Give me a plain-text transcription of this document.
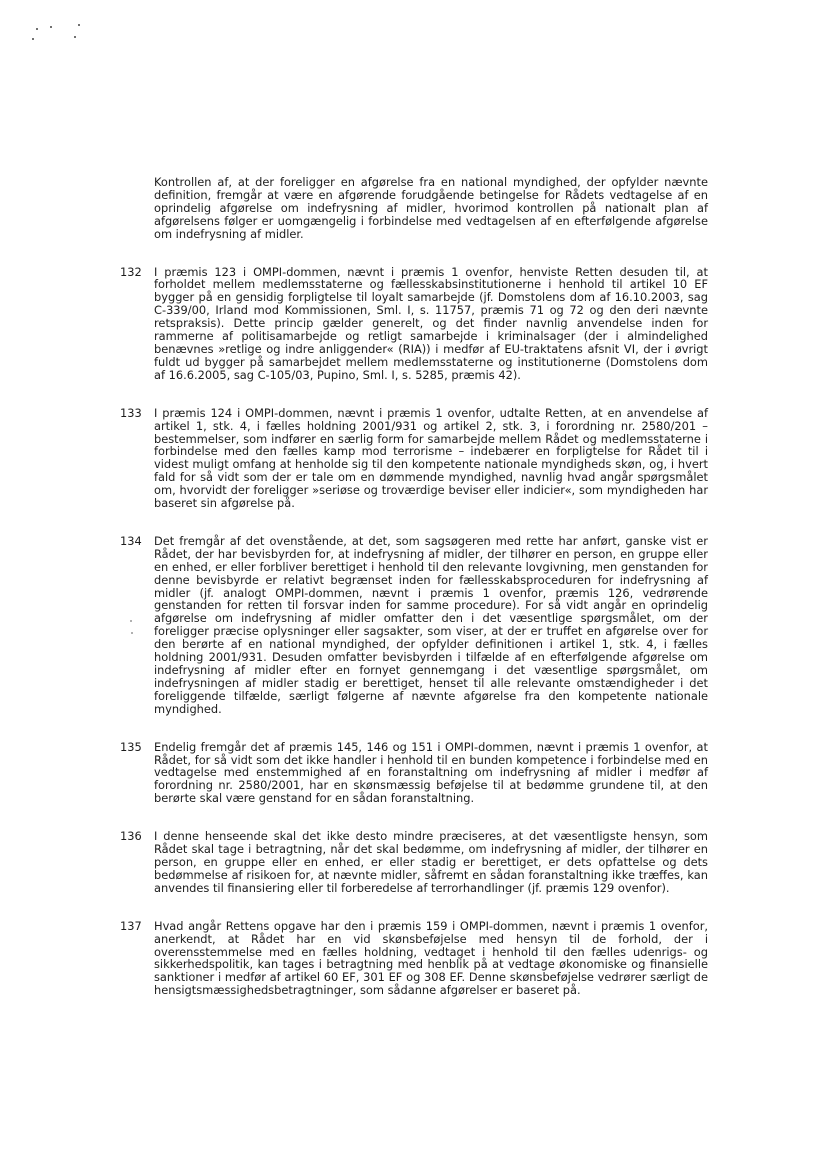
Kontrollen af, at der foreligger en afgørelse fra en national myndighed, der opfylder nævnte definition, fremgår at være en afgørende forudgående betingelse for Rådets vedtagelse af en oprindelig afgørelse om indefrysning af midler, hvorimod kontrollen på nationalt plan af afgørelsens følger er uomgængelig i forbindelse med vedtagelsen af en efterfølgende afgørelse om indefrysning af midler.
132	I præmis 123 i OMPI-dommen, nævnt i præmis 1 ovenfor, henviste Retten desuden til, at forholdet mellem medlemsstaterne og fællesskabsinstitutionerne i henhold til artikel 10 EF bygger på en gensidig forpligtelse til loyalt samarbejde (jf. Domstolens dom af 16.10.2003, sag C-339/00, Irland mod Kommissionen, Sml. I, s. 11757, præmis 71 og 72 og den deri nævnte retspraksis). Dette princip gælder generelt, og det finder navnlig anvendelse inden for rammerne af politisamarbejde og retligt samarbejde i kriminalsager (der i almindelighed benævnes »retlige og indre anliggender« (RIA)) i medfør af EU-traktatens afsnit VI, der i øvrigt fuldt ud bygger på samarbejdet mellem medlemsstaterne og institutionerne (Domstolens dom af 16.6.2005, sag C-105/03, Pupino, Sml. I, s. 5285, præmis 42).
133	I præmis 124 i OMPI-dommen, nævnt i præmis 1 ovenfor, udtalte Retten, at en anvendelse af artikel 1, stk. 4, i fælles holdning 2001/931 og artikel 2, stk. 3, i forordning nr. 2580/201 – bestemmelser, som indfører en særlig form for samarbejde mellem Rådet og medlemsstaterne i forbindelse med den fælles kamp mod terrorisme – indebærer en forpligtelse for Rådet til i videst muligt omfang at henholde sig til den kompetente nationale myndigheds skøn, og, i hvert fald for så vidt som der er tale om en dømmende myndighed, navnlig hvad angår spørgsmålet om, hvorvidt der foreligger »seriøse og troværdige beviser eller indicier«, som myndigheden har baseret sin afgørelse på.
134	Det fremgår af det ovenstående, at det, som sagsøgeren med rette har anført, ganske vist er Rådet, der har bevisbyrden for, at indefrysning af midler, der tilhører en person, en gruppe eller en enhed, er eller forbliver berettiget i henhold til den relevante lovgivning, men genstanden for denne bevisbyrde er relativt begrænset inden for fællesskabsproceduren for indefrysning af midler (jf. analogt OMPI-dommen, nævnt i præmis 1 ovenfor, præmis 126, vedrørende genstanden for retten til forsvar inden for samme procedure). For så vidt angår en oprindelig afgørelse om indefrysning af midler omfatter den i det væsentlige spørgsmålet, om der foreligger præcise oplysninger eller sagsakter, som viser, at der er truffet en afgørelse over for den berørte af en national myndighed, der opfylder definitionen i artikel 1, stk. 4, i fælles holdning 2001/931. Desuden omfatter bevisbyrden i tilfælde af en efterfølgende afgørelse om indefrysning af midler efter en fornyet gennemgang i det væsentlige spørgsmålet, om indefrysningen af midler stadig er berettiget, henset til alle relevante omstændigheder i det foreliggende tilfælde, særligt følgerne af nævnte afgørelse fra den kompetente nationale myndighed.
135	Endelig fremgår det af præmis 145, 146 og 151 i OMPI-dommen, nævnt i præmis 1 ovenfor, at Rådet, for så vidt som det ikke handler i henhold til en bunden kompetence i forbindelse med en vedtagelse med enstemmighed af en foranstaltning om indefrysning af midler i medfør af forordning nr. 2580/2001, har en skønsmæssig beføjelse til at bedømme grundene til, at den berørte skal være genstand for en sådan foranstaltning.
136	I denne henseende skal det ikke desto mindre præciseres, at det væsentligste hensyn, som Rådet skal tage i betragtning, når det skal bedømme, om indefrysning af midler, der tilhører en person, en gruppe eller en enhed, er eller stadig er berettiget, er dets opfattelse og dets bedømmelse af risikoen for, at nævnte midler, såfremt en sådan foranstaltning ikke træffes, kan anvendes til finansiering eller til forberedelse af terrorhandlinger (jf. præmis 129 ovenfor).
137	Hvad angår Rettens opgave har den i præmis 159 i OMPI-dommen, nævnt i præmis 1 ovenfor, anerkendt, at Rådet har en vid skønsbeføjelse med hensyn til de forhold, der i overensstemmelse med en fælles holdning, vedtaget i henhold til den fælles udenrigs- og sikkerhedspolitik, kan tages i betragtning med henblik på at vedtage økonomiske og finansielle sanktioner i medfør af artikel 60 EF, 301 EF og 308 EF. Denne skønsbeføjelse vedrører særligt de hensigtsmæssighedsbetragtninger, som sådanne afgørelser er baseret på.
